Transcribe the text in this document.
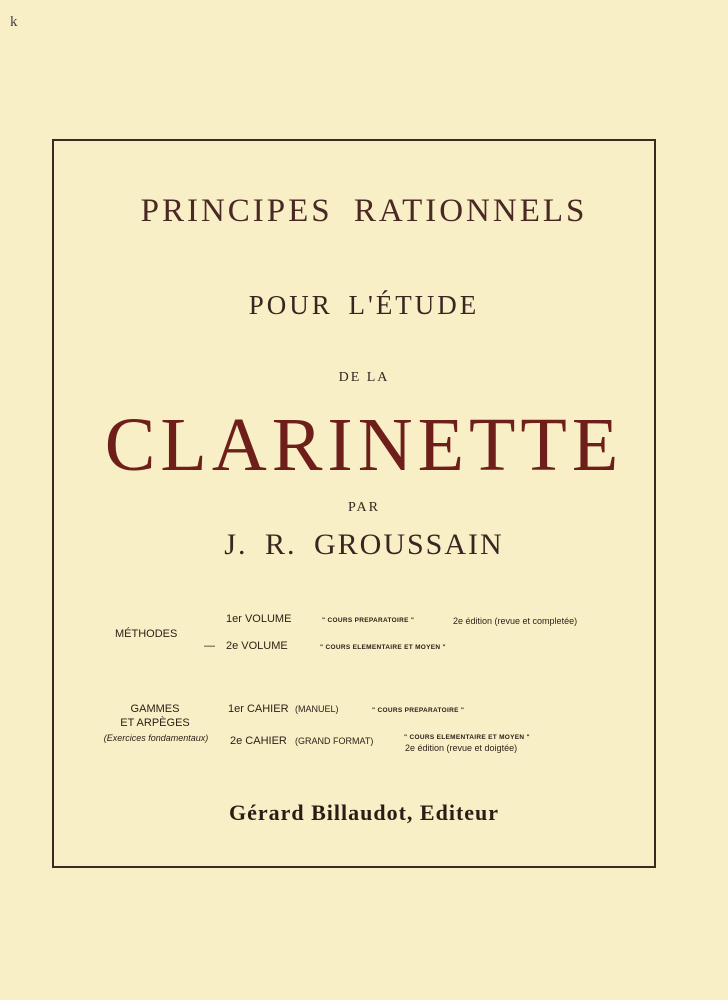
k
PRINCIPES RATIONNELS
POUR L'ÉTUDE
DE LA
CLARINETTE
PAR
J. R. GROUSSAIN
MÉTHODES
1er VOLUME	" COURS PREPARATOIRE "	2e édition (revue et completée)
— 2e VOLUME	" COURS ELEMENTAIRE ET MOYEN "
GAMMES
ET ARPÈGES
(Exercices fondamentaux)
1er CAHIER (MANUEL)	" COURS PREPARATOIRE "
2e CAHIER (GRAND FORMAT)	" COURS ELEMENTAIRE ET MOYEN "
2e édition (revue et doigtée)
Gérard Billaudot, Editeur
